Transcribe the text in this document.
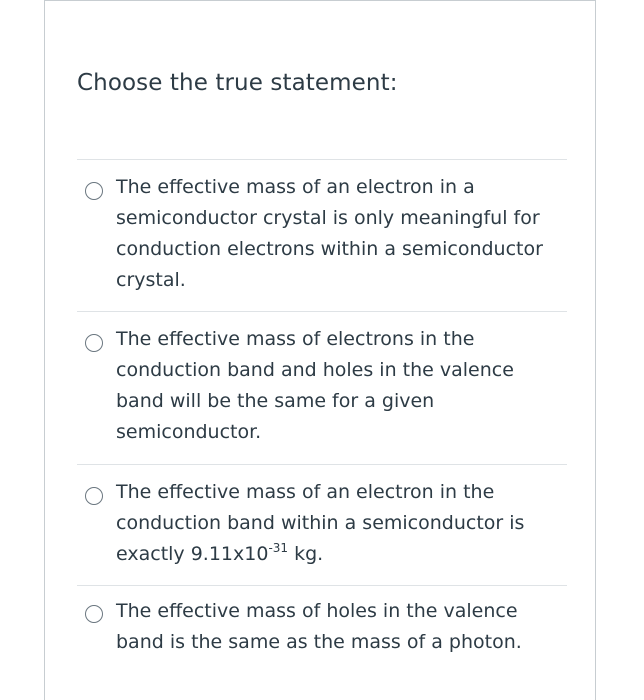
Choose the true statement:
The effective mass of an electron in a semiconductor crystal is only meaningful for conduction electrons within a semiconductor crystal.
The effective mass of electrons in the conduction band and holes in the valence band will be the same for a given semiconductor.
The effective mass of an electron in the conduction band within a semiconductor is exactly $9.11x10^{-31}$ kg.
The effective mass of holes in the valence band is the same as the mass of a photon.
